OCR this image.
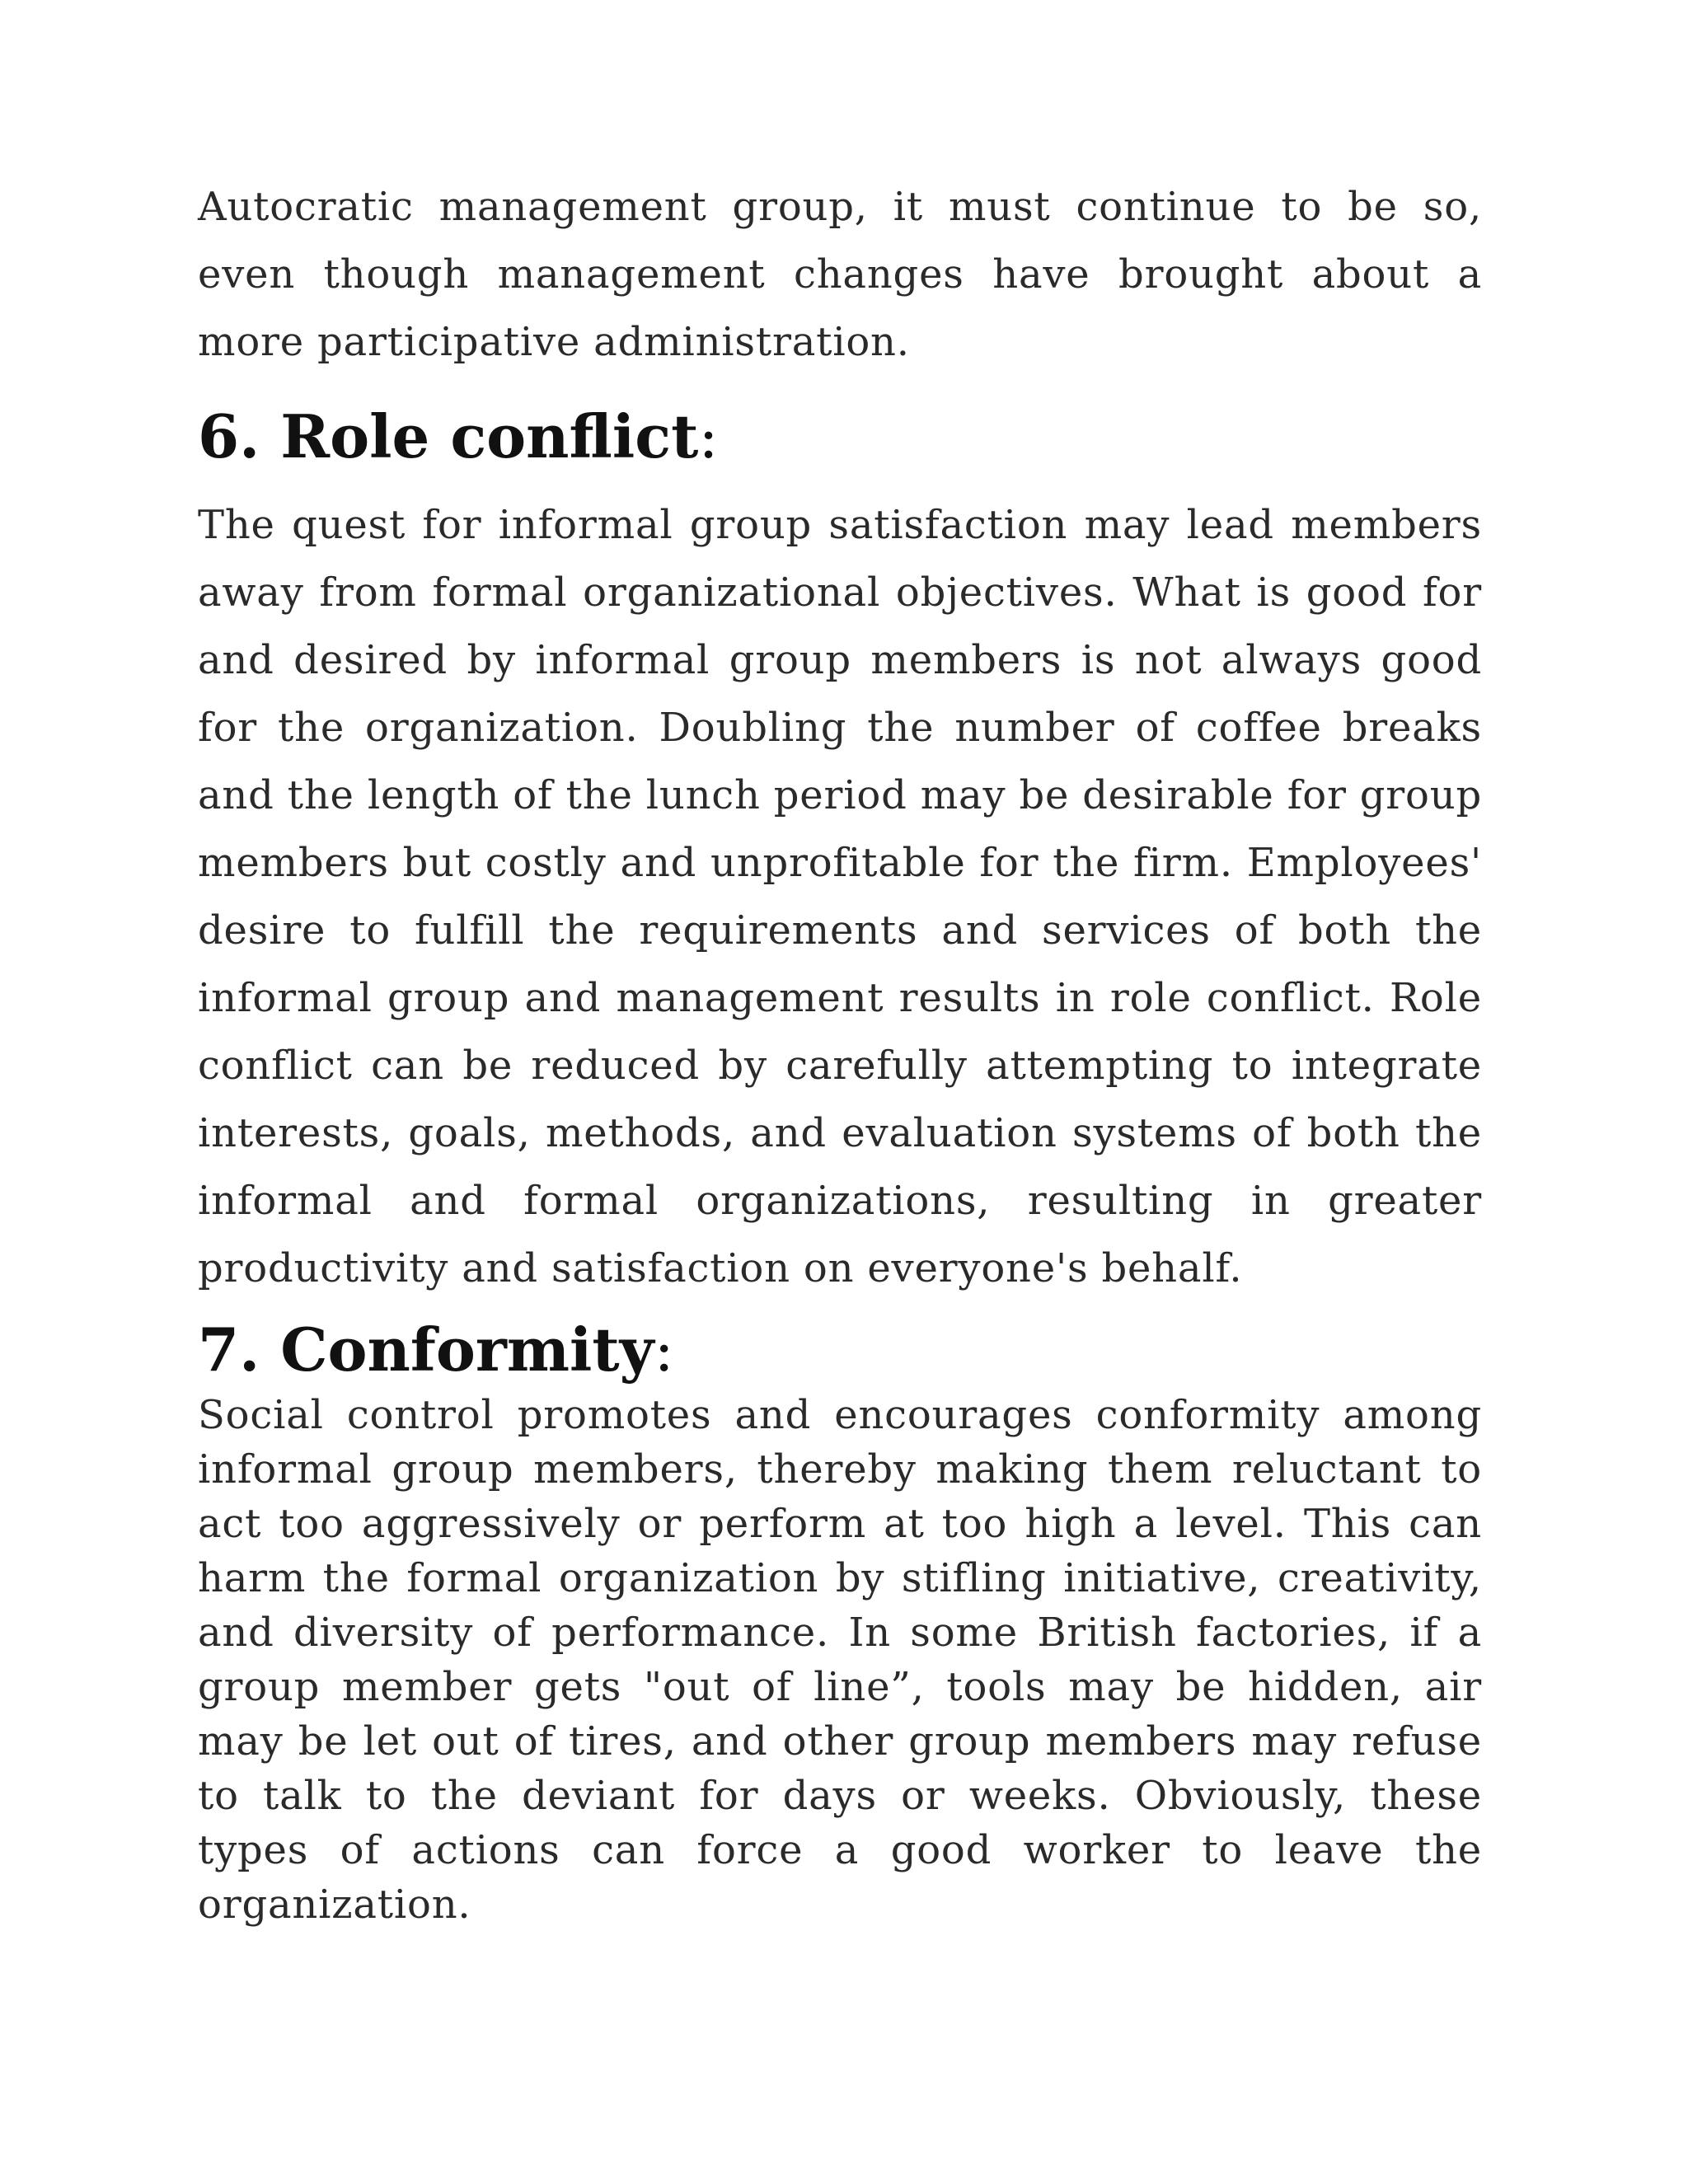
Autocratic management group, it must continue to be so, even though management changes have brought about a more participative administration.

6. Role conflict:

The quest for informal group satisfaction may lead members away from formal organizational objectives. What is good for and desired by informal group members is not always good for the organization. Doubling the number of coffee breaks and the length of the lunch period may be desirable for group members but costly and unprofitable for the firm. Employees' desire to fulfill the requirements and services of both the informal group and management results in role conflict. Role conflict can be reduced by carefully attempting to integrate interests, goals, methods, and evaluation systems of both the informal and formal organizations, resulting in greater productivity and satisfaction on everyone's behalf.

7. Conformity:

Social control promotes and encourages conformity among informal group members, thereby making them reluctant to act too aggressively or perform at too high a level. This can harm the formal organization by stifling initiative, creativity, and diversity of performance. In some British factories, if a group member gets "out of line”, tools may be hidden, air may be let out of tires, and other group members may refuse to talk to the deviant for days or weeks. Obviously, these types of actions can force a good worker to leave the organization.
